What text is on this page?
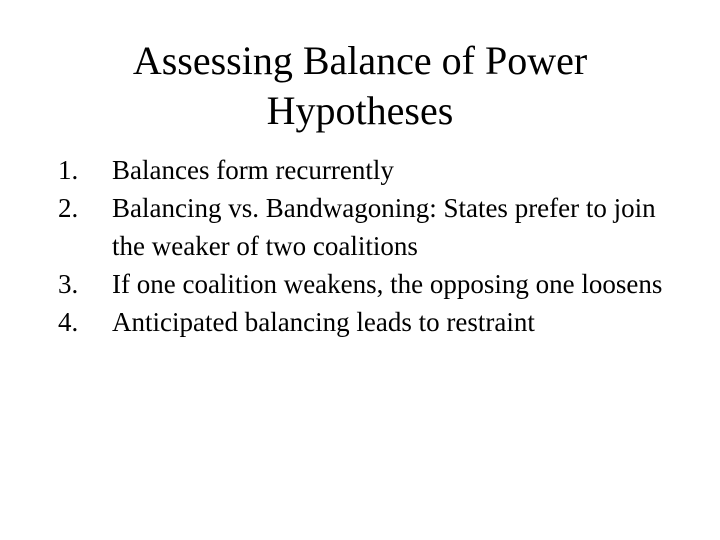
Assessing Balance of Power
Hypotheses
1. Balances form recurrently
2. Balancing vs. Bandwagoning: States prefer to join the weaker of two coalitions
3. If one coalition weakens, the opposing one loosens
4. Anticipated balancing leads to restraint
